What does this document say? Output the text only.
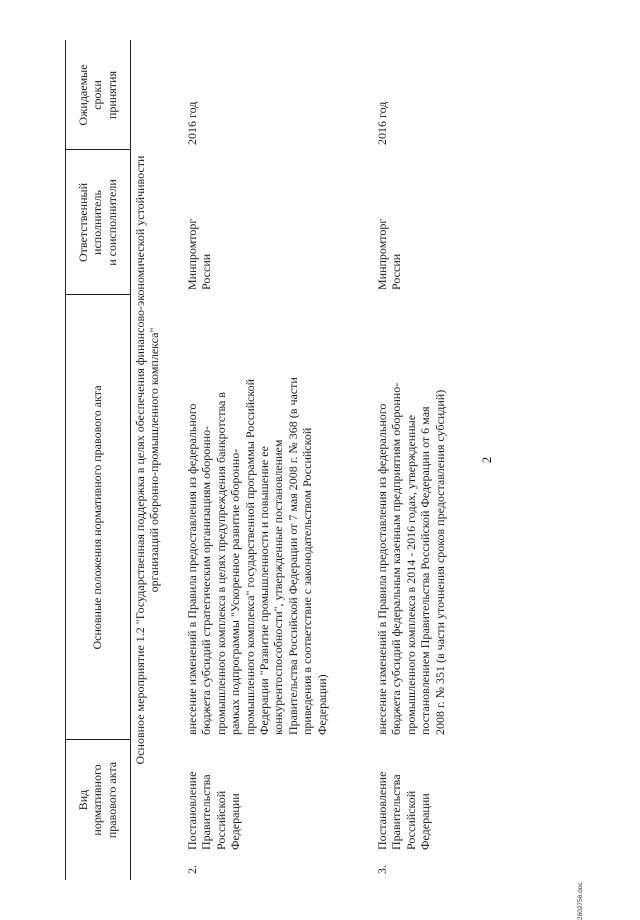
2
Вид нормативного правового акта
Основные положения нормативного правового акта
Ответственный исполнитель и соисполнители
Ожидаемые сроки принятия
Основное мероприятие 1.2 "Государственная поддержка в целях обеспечения финансово-экономической устойчивости организаций оборонно-промышленного комплекса"
2.
Постановление Правительства Российской Федерации
внесение изменений в Правила предоставления из федерального бюджета субсидий стратегическим организациям оборонно- промышленного комплекса в целях предупреждения банкротства в рамках подпрограммы "Ускоренное развитие оборонно- промышленного комплекса" государственной программы Российской Федерации "Развитие промышленности и повышение ее конкурентоспособности", утвержденные постановлением Правительства Российской Федерации от 7 мая 2008 г. № 368 (в части приведения в соответствие с законодательством Российской Федерации)
Минпромторг России
2016 год
3.
Постановление Правительства Российской Федерации
внесение изменений в Правила предоставления из федерального бюджета субсидий федеральным казенным предприятиям оборонно- промышленного комплекса в 2014 - 2016 годах, утвержденные постановлением Правительства Российской Федерации от 6 мая 2008 г. № 351 (в части уточнения сроков предоставления субсидий)
Минпромторг России
2016 год
2602756.doc
